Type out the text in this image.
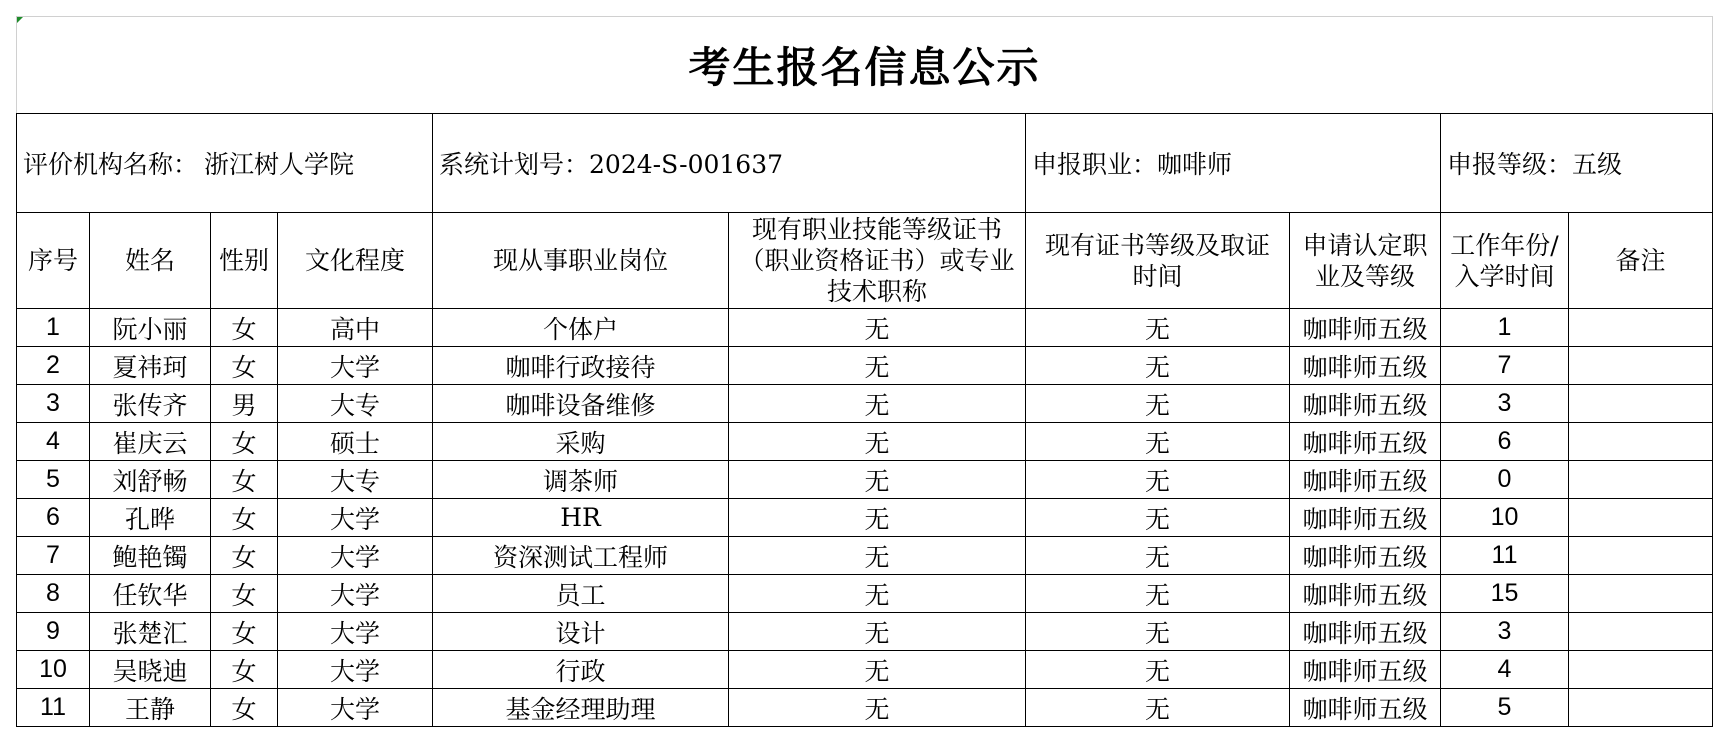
考生报名信息公示									
评价机构名称： 浙江树人学院				系统计划号：2024-S-001637		申报职业：咖啡师		申报等级：五级	
序号	姓名	性别	文化程度	现从事职业岗位	现有职业技能等级证书（职业资格证书）或专业技术职称	现有证书等级及取证时间	申请认定职业及等级	工作年份/入学时间	备注
1	阮小丽	女	高中	个体户	无	无	咖啡师五级	1	
2	夏祎珂	女	大学	咖啡行政接待	无	无	咖啡师五级	7	
3	张传齐	男	大专	咖啡设备维修	无	无	咖啡师五级	3	
4	崔庆云	女	硕士	采购	无	无	咖啡师五级	6	
5	刘舒畅	女	大专	调茶师	无	无	咖啡师五级	0	
6	孔晔	女	大学	HR	无	无	咖啡师五级	10	
7	鲍艳镯	女	大学	资深测试工程师	无	无	咖啡师五级	11	
8	任钦华	女	大学	员工	无	无	咖啡师五级	15	
9	张楚汇	女	大学	设计	无	无	咖啡师五级	3	
10	吴晓迪	女	大学	行政	无	无	咖啡师五级	4	
11	王静	女	大学	基金经理助理	无	无	咖啡师五级	5	
